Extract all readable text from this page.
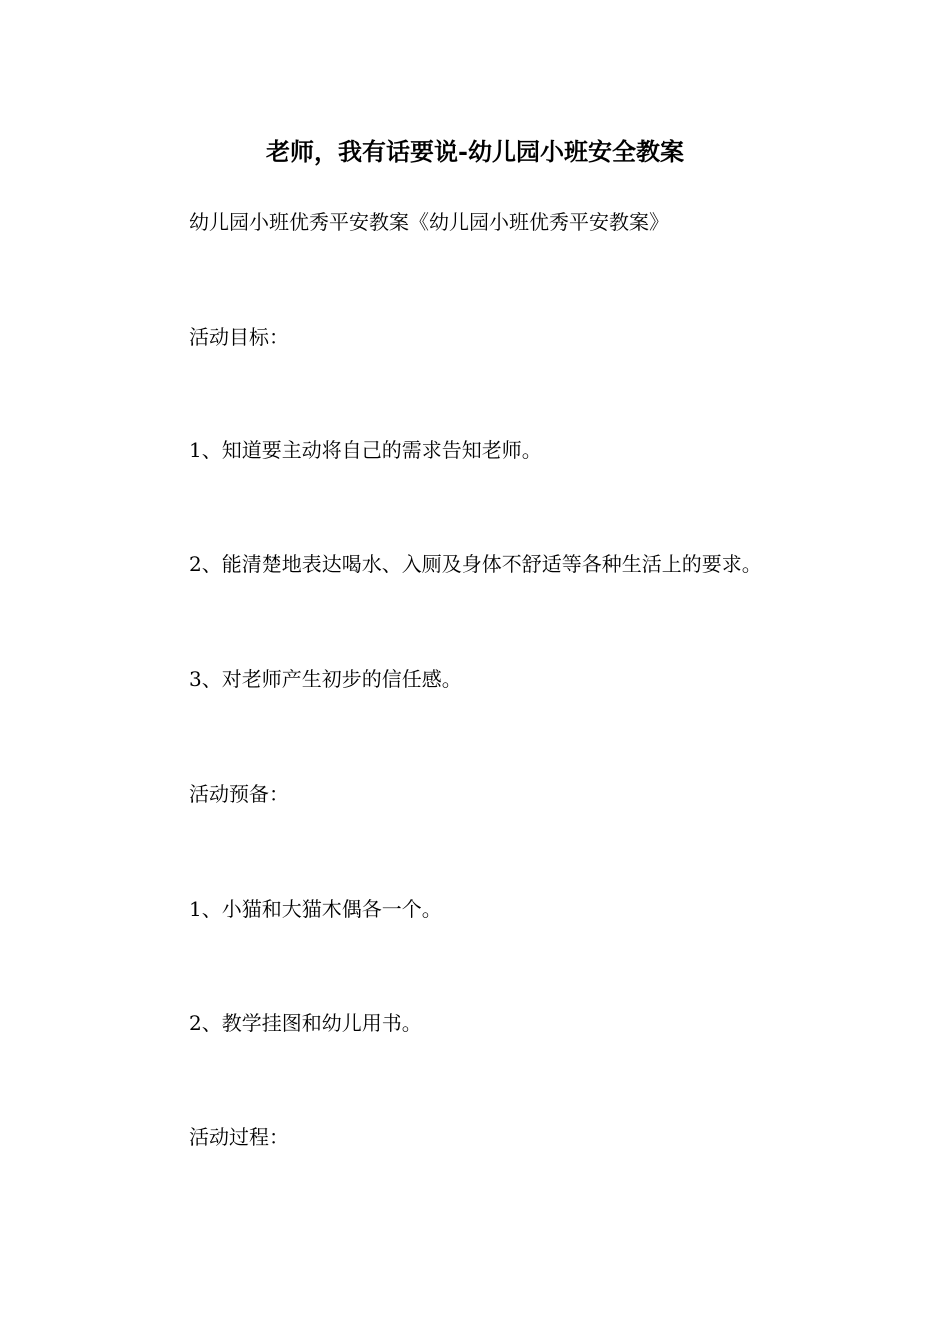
老师，我有话要说-幼儿园小班安全教案

幼儿园小班优秀平安教案《幼儿园小班优秀平安教案》

活动目标：

1、知道要主动将自己的需求告知老师。

2、能清楚地表达喝水、入厕及身体不舒适等各种生活上的要求。

3、对老师产生初步的信任感。

活动预备：

1、小猫和大猫木偶各一个。

2、教学挂图和幼儿用书。

活动过程：
